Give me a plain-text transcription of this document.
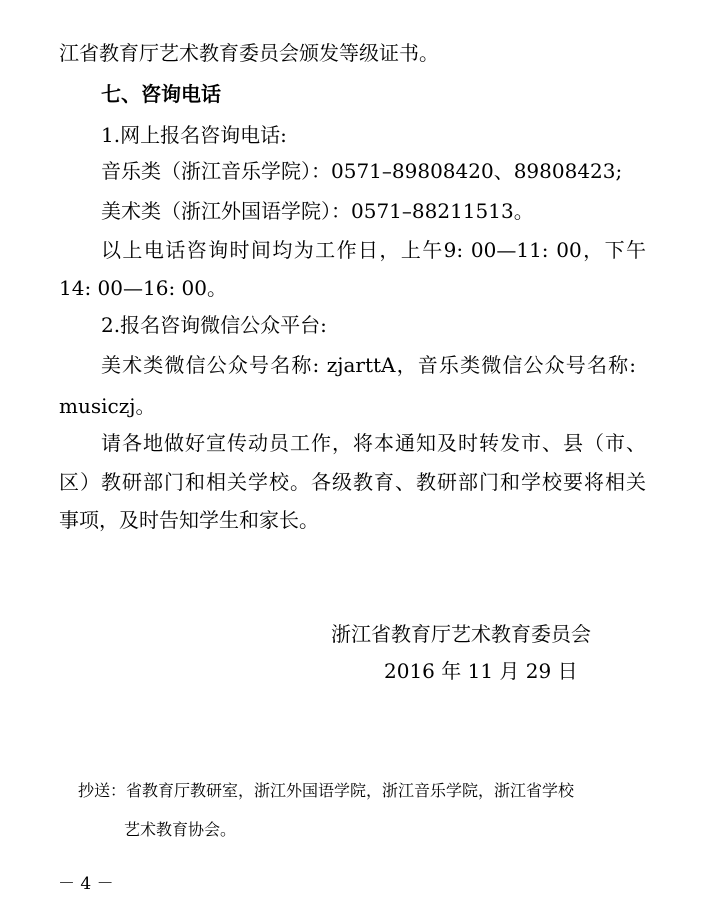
江省教育厅艺术教育委员会颁发等级证书。

七、咨询电话

1.网上报名咨询电话:

音乐类（浙江音乐学院）：0571–89808420、89808423;

美术类（浙江外国语学院）：0571–88211513。

以上电话咨询时间均为工作日，上午9: 00—11: 00，下午

14: 00—16: 00。

2.报名咨询微信公众平台:

美术类微信公众号名称: zjarttA，音乐类微信公众号名称:

musiczj。

请各地做好宣传动员工作，将本通知及时转发市、县（市、

区）教研部门和相关学校。各级教育、教研部门和学校要将相关

事项，及时告知学生和家长。

浙江省教育厅艺术教育委员会

2016 年 11 月 29 日

抄送：省教育厅教研室，浙江外国语学院，浙江音乐学院，浙江省学校

艺术教育协会。

－ 4 －
